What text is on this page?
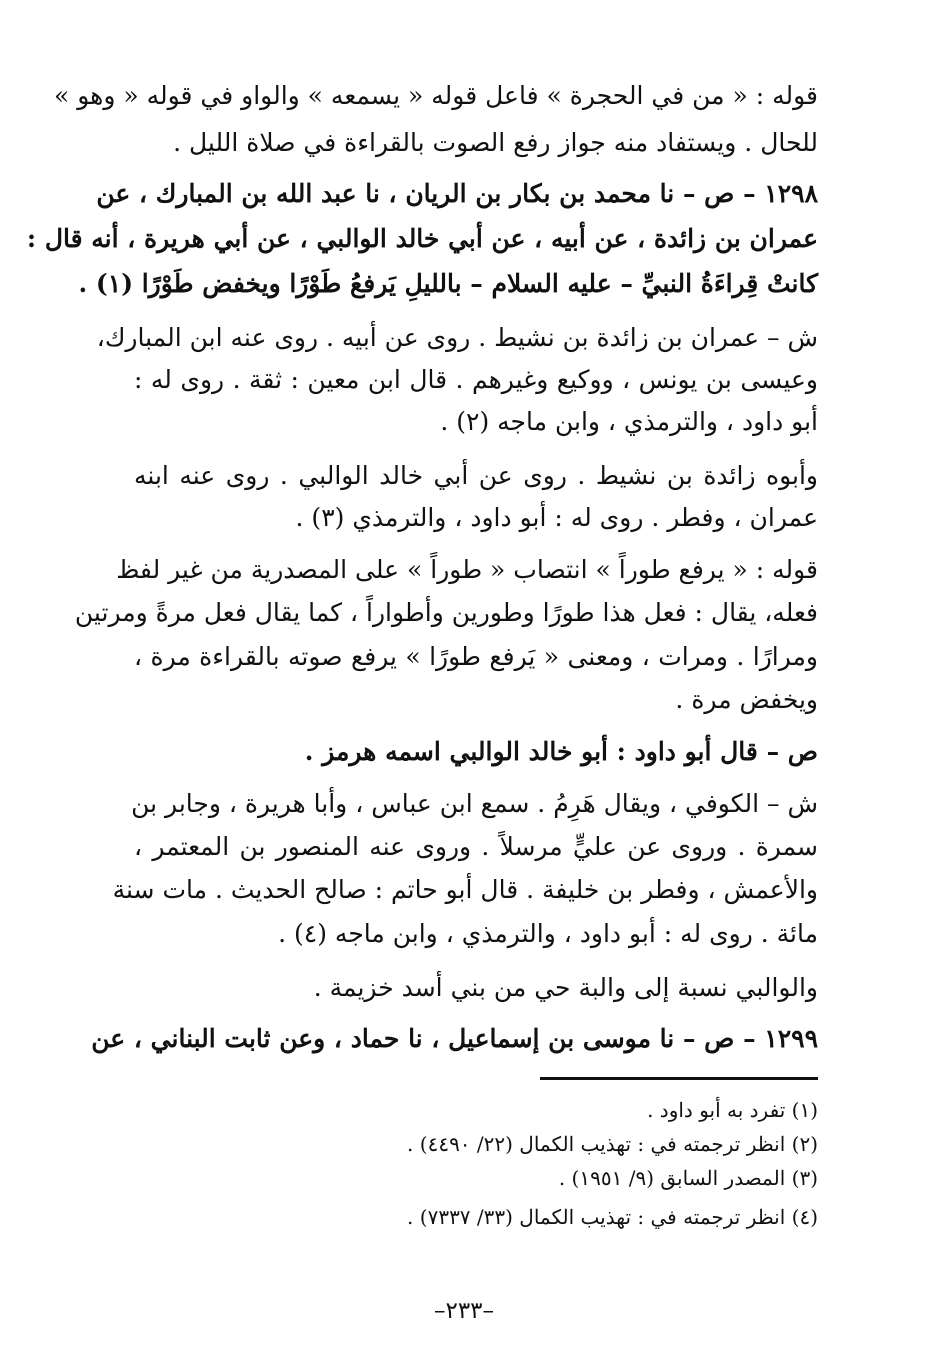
قوله : « من في الحجرة » فاعل قوله « يسمعه » والواو في قوله « وهو »
للحال . ويستفاد منه جواز رفع الصوت بالقراءة في صلاة الليل .
١٢٩٨ – ص – نا محمد بن بكار بن الريان ، نا عبد الله بن المبارك ، عن
عمران بن زائدة ، عن أبيه ، عن أبي خالد الوالبي ، عن أبي هريرة ، أنه قال :
كانتْ قِراءَةُ النبيِّ – عليه السلام – بالليلِ يَرفعُ طَوْرًا ويخفض طَوْرًا (١) .
ش – عمران بن زائدة بن نشيط . روى عن أبيه . روى عنه ابن المبارك،
وعيسى بن يونس ، ووكيع وغيرهم . قال ابن معين : ثقة . روى له :
أبو داود ، والترمذي ، وابن ماجه (٢) .
وأبوه زائدة بن نشيط . روى عن أبي خالد الوالبي . روى عنه ابنه
عمران ، وفطر . روى له : أبو داود ، والترمذي (٣) .
قوله : « يرفع طوراً » انتصاب « طوراً » على المصدرية من غير لفظ
فعله، يقال : فعل هذا طورًا وطورين وأطواراً ، كما يقال فعل مرةً ومرتين
ومرارًا . ومرات ، ومعنى « يَرفع طورًا » يرفع صوته بالقراءة مرة ،
ويخفض مرة .
ص – قال أبو داود : أبو خالد الوالبي اسمه هرمز .
ش – الكوفي ، ويقال هَرِمُ . سمع ابن عباس ، وأبا هريرة ، وجابر بن
سمرة . وروى عن عليٍّ مرسلاً . وروى عنه المنصور بن المعتمر ،
والأعمش ، وفطر بن خليفة . قال أبو حاتم : صالح الحديث . مات سنة
مائة . روى له : أبو داود ، والترمذي ، وابن ماجه (٤) .
والوالبي نسبة إلى والبة حي من بني أسد خزيمة .
١٢٩٩ – ص – نا موسى بن إسماعيل ، نا حماد ، وعن ثابت البناني ، عن
(١) تفرد به أبو داود .
(٢) انظر ترجمته في : تهذيب الكمال (٢٢/ ٤٤٩٠) .
(٣) المصدر السابق (٩/ ١٩٥١) .
(٤) انظر ترجمته في : تهذيب الكمال (٣٣/ ٧٣٣٧) .
–٢٣٣–
